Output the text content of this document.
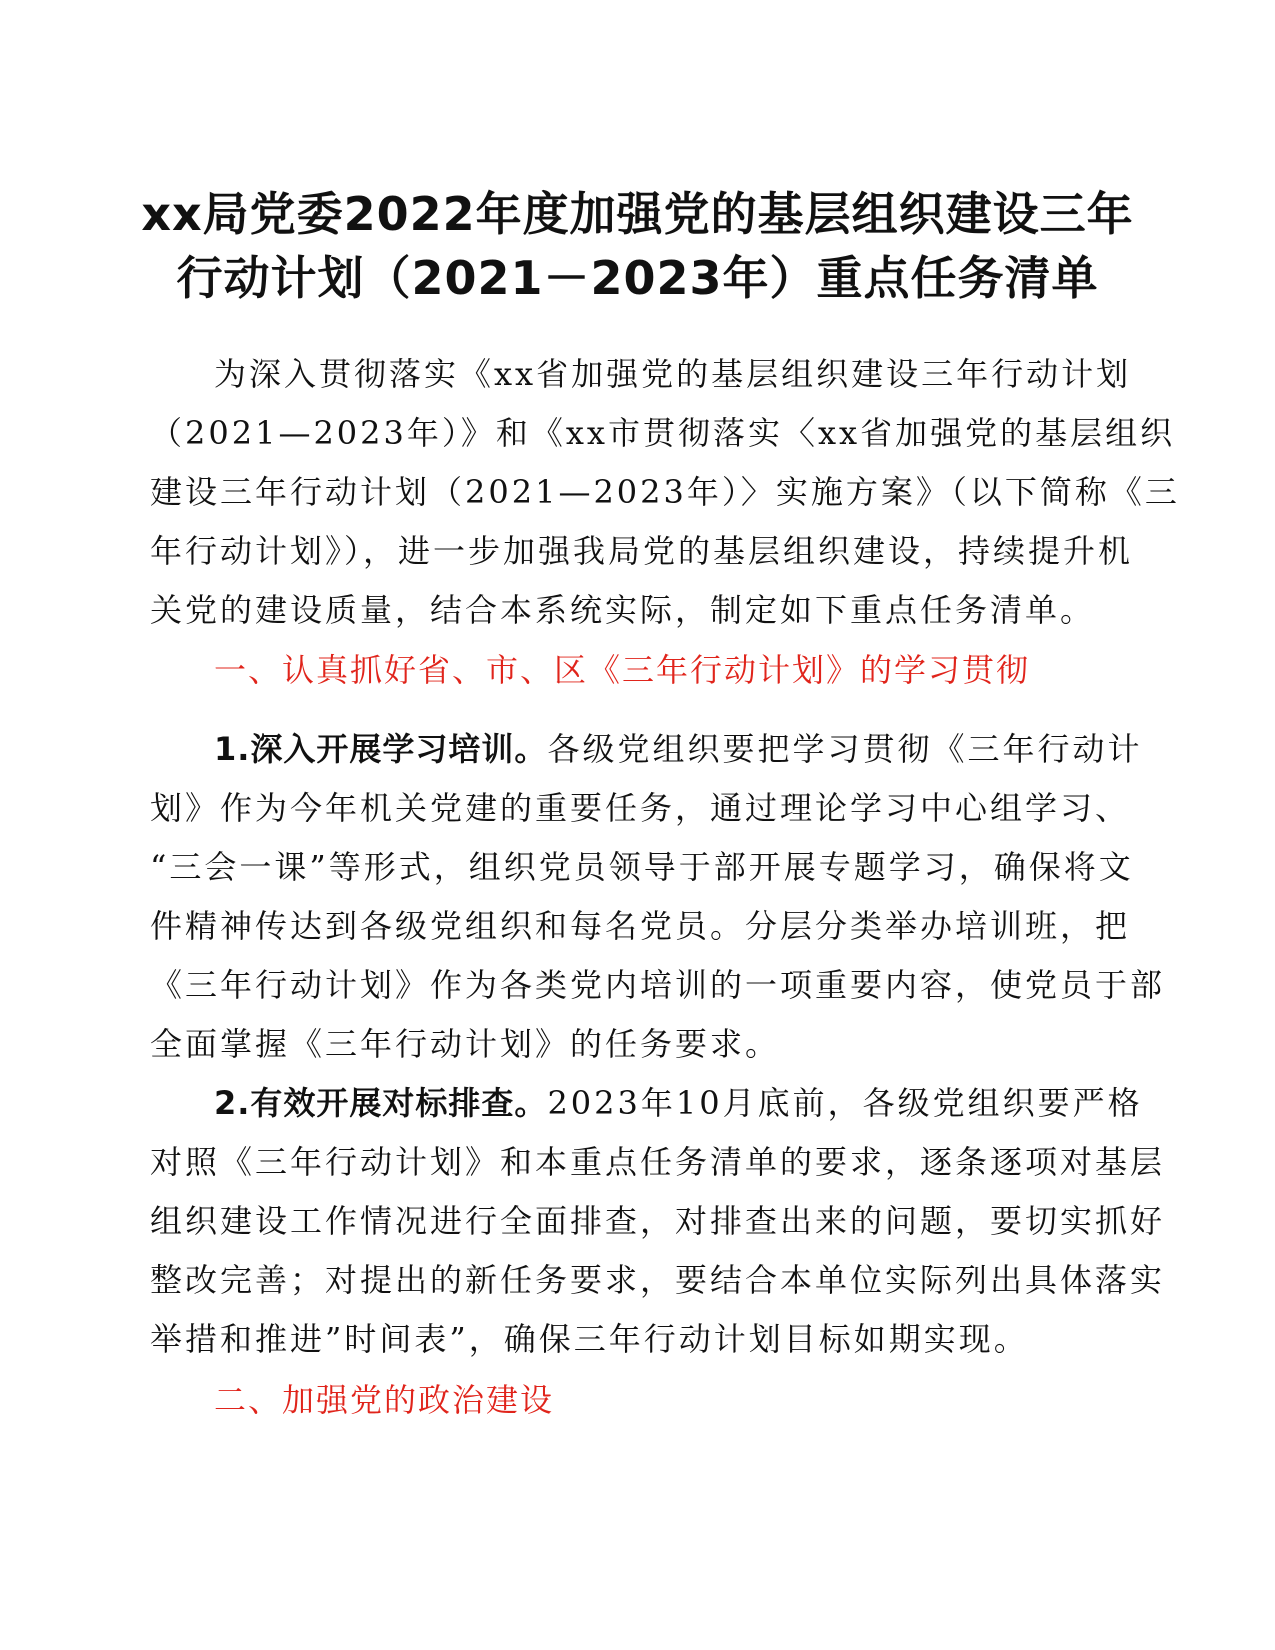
xx局党委2022年度加强党的基层组织建设三年
行动计划（2021－2023年）重点任务清单
为深入贯彻落实《xx省加强党的基层组织建设三年行动计划
（2021—2023年）》和《xx市贯彻落实〈xx省加强党的基层组织
建设三年行动计划（2021—2023年）〉实施方案》（以下简称《三
年行动计划》），进一步加强我局党的基层组织建设，持续提升机
关党的建设质量，结合本系统实际，制定如下重点任务清单。
一、认真抓好省、市、区《三年行动计划》的学习贯彻
1.深入开展学习培训。各级党组织要把学习贯彻《三年行动计
划》作为今年机关党建的重要任务，通过理论学习中心组学习、
“三会一课”等形式，组织党员领导于部开展专题学习，确保将文
件精神传达到各级党组织和每名党员。分层分类举办培训班，把
《三年行动计划》作为各类党内培训的一项重要内容，使党员于部
全面掌握《三年行动计划》的任务要求。
2.有效开展对标排查。2023年10月底前，各级党组织要严格
对照《三年行动计划》和本重点任务清单的要求，逐条逐项对基层
组织建设工作情况进行全面排查，对排查出来的问题，要切实抓好
整改完善；对提出的新任务要求，要结合本单位实际列出具体落实
举措和推进”时间表”，确保三年行动计划目标如期实现。
二、加强党的政治建设
